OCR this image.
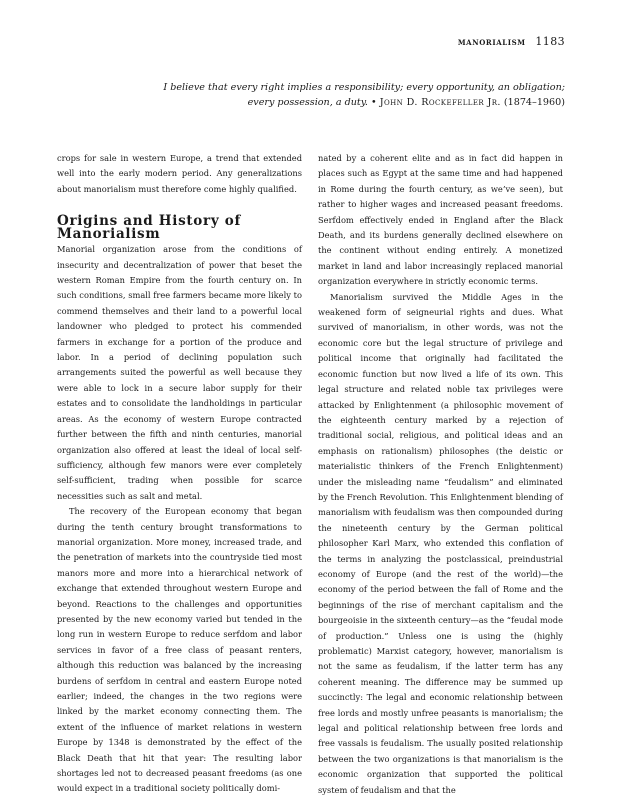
manorialism 1183
I believe that every right implies a responsibility; every opportunity, an obligation;
every possession, a duty. • John D. Rockefeller Jr. (1874–1960)

crops for sale in western Europe, a trend that extended well into the early modern period. Any generalizations about manorialism must therefore come highly qualified.

Origins and History of Manorialism

Manorial organization arose from the conditions of insecurity and decentralization of power that beset the western Roman Empire from the fourth century on. In such conditions, small free farmers became more likely to commend themselves and their land to a powerful local landowner who pledged to protect his commended farmers in exchange for a portion of the produce and labor. In a period of declining population such arrangements suited the powerful as well because they were able to lock in a secure labor supply for their estates and to consolidate the landholdings in particular areas. As the economy of western Europe contracted further between the fifth and ninth centuries, manorial organization also offered at least the ideal of local self-sufficiency, although few manors were ever completely self-sufficient, trading when possible for scarce necessities such as salt and metal.

The recovery of the European economy that began during the tenth century brought transformations to manorial organization. More money, increased trade, and the penetration of markets into the countryside tied most manors more and more into a hierarchical network of exchange that extended throughout western Europe and beyond. Reactions to the challenges and opportunities presented by the new economy varied but tended in the long run in western Europe to reduce serfdom and labor services in favor of a free class of peasant renters, although this reduction was balanced by the increasing burdens of serfdom in central and eastern Europe noted earlier; indeed, the changes in the two regions were linked by the market economy connecting them. The extent of the influence of market relations in western Europe by 1348 is demonstrated by the effect of the Black Death that hit that year: The resulting labor shortages led not to decreased peasant freedoms (as one would expect in a traditional society politically domi-

nated by a coherent elite and as in fact did happen in places such as Egypt at the same time and had happened in Rome during the fourth century, as we’ve seen), but rather to higher wages and increased peasant freedoms. Serfdom effectively ended in England after the Black Death, and its burdens generally declined elsewhere on the continent without ending entirely. A monetized market in land and labor increasingly replaced manorial organization everywhere in strictly economic terms.

Manorialism survived the Middle Ages in the weakened form of seigneurial rights and dues. What survived of manorialism, in other words, was not the economic core but the legal structure of privilege and political income that originally had facilitated the economic function but now lived a life of its own. This legal structure and related noble tax privileges were attacked by Enlightenment (a philosophic movement of the eighteenth century marked by a rejection of traditional social, religious, and political ideas and an emphasis on rationalism) philosophes (the deistic or materialistic thinkers of the French Enlightenment) under the misleading name “feudalism” and eliminated by the French Revolution. This Enlightenment blending of manorialism with feudalism was then compounded during the nineteenth century by the German political philosopher Karl Marx, who extended this conflation of the terms in analyzing the postclassical, preindustrial economy of Europe (and the rest of the world)—the economy of the period between the fall of Rome and the beginnings of the rise of merchant capitalism and the bourgeoisie in the sixteenth century—as the “feudal mode of production.” Unless one is using the (highly problematic) Marxist category, however, manorialism is not the same as feudalism, if the latter term has any coherent meaning. The difference may be summed up succinctly: The legal and economic relationship between free lords and mostly unfree peasants is manorialism; the legal and political relationship between free lords and free vassals is feudalism. The usually posited relationship between the two organizations is that manorialism is the economic organization that supported the political system of feudalism and that the
